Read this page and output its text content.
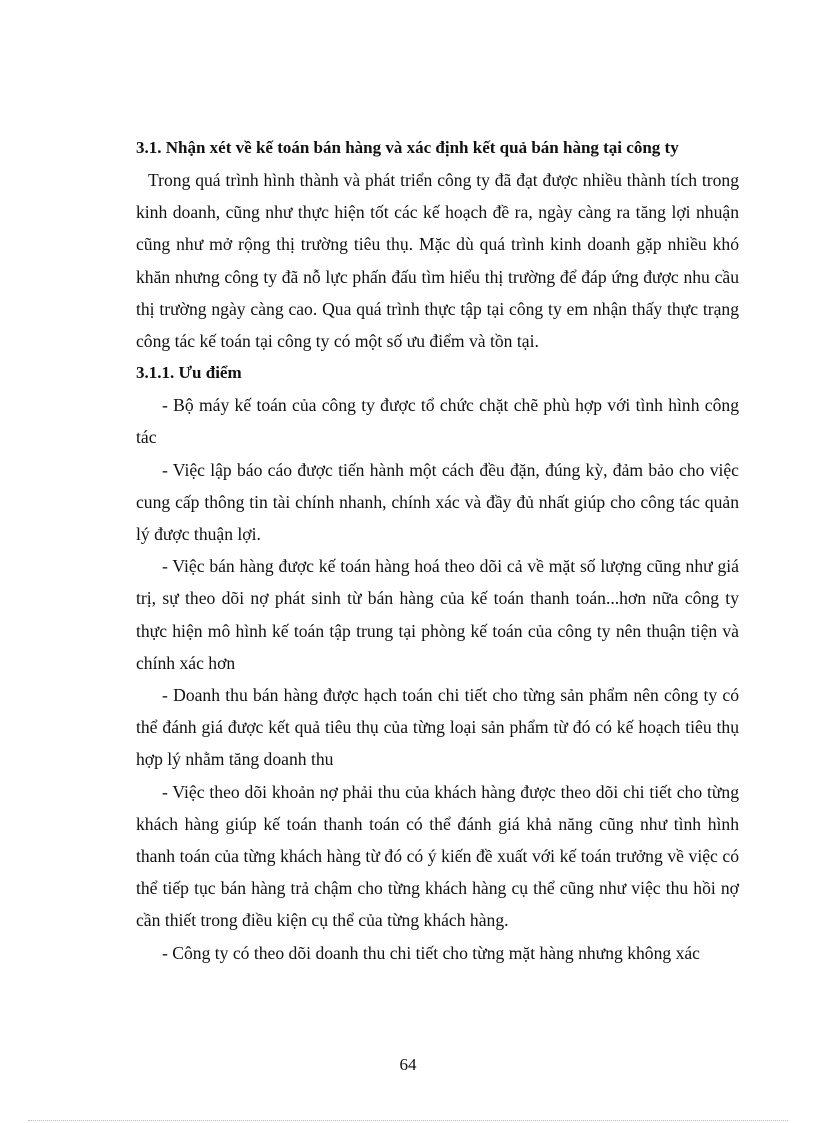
3.1. Nhận xét về kế toán bán hàng và xác định kết quả bán hàng tại công ty

Trong quá trình hình thành và phát triển công ty đã đạt được nhiều thành tích trong kinh doanh, cũng như thực hiện tốt các kế hoạch đề ra, ngày càng ra tăng lợi nhuận cũng như mở rộng thị trường tiêu thụ. Mặc dù quá trình kinh doanh gặp nhiều khó khăn nhưng công ty đã nỗ lực phấn đấu tìm hiểu thị trường để đáp ứng được nhu cầu thị trường ngày càng cao. Qua quá trình thực tập tại công ty em nhận thấy thực trạng công tác kế toán tại công ty có một số ưu điểm và tồn tại.

3.1.1. Ưu điểm

- Bộ máy kế toán của công ty được tổ chức chặt chẽ phù hợp với tình hình công tác

- Việc lập báo cáo được tiến hành một cách đều đặn, đúng kỳ, đảm bảo cho việc cung cấp thông tin tài chính nhanh, chính xác và đầy đủ nhất giúp cho công tác quản lý được thuận lợi.

- Việc bán hàng được kế toán hàng hoá theo dõi cả về mặt số lượng cũng như giá trị, sự theo dõi nợ phát sinh từ bán hàng của kế toán thanh toán...hơn nữa công ty thực hiện mô hình kế toán tập trung tại phòng kế toán của công ty nên thuận tiện và chính xác hơn

- Doanh thu bán hàng được hạch toán chi tiết cho từng sản phẩm nên công ty có thể đánh giá được kết quả tiêu thụ của từng loại sản phẩm từ đó có kế hoạch tiêu thụ hợp lý nhằm tăng doanh thu

- Việc theo dõi khoản nợ phải thu của khách hàng được theo dõi chi tiết cho từng khách hàng giúp kế toán thanh toán có thể đánh giá khả năng cũng như tình hình thanh toán của từng khách hàng từ đó có ý kiến đề xuất với kế toán trưởng về việc có thể tiếp tục bán hàng trả chậm cho từng khách hàng cụ thể cũng như việc thu hồi nợ cần thiết trong điều kiện cụ thể của từng khách hàng.

- Công ty có theo dõi doanh thu chi tiết cho từng mặt hàng nhưng không xác

64
